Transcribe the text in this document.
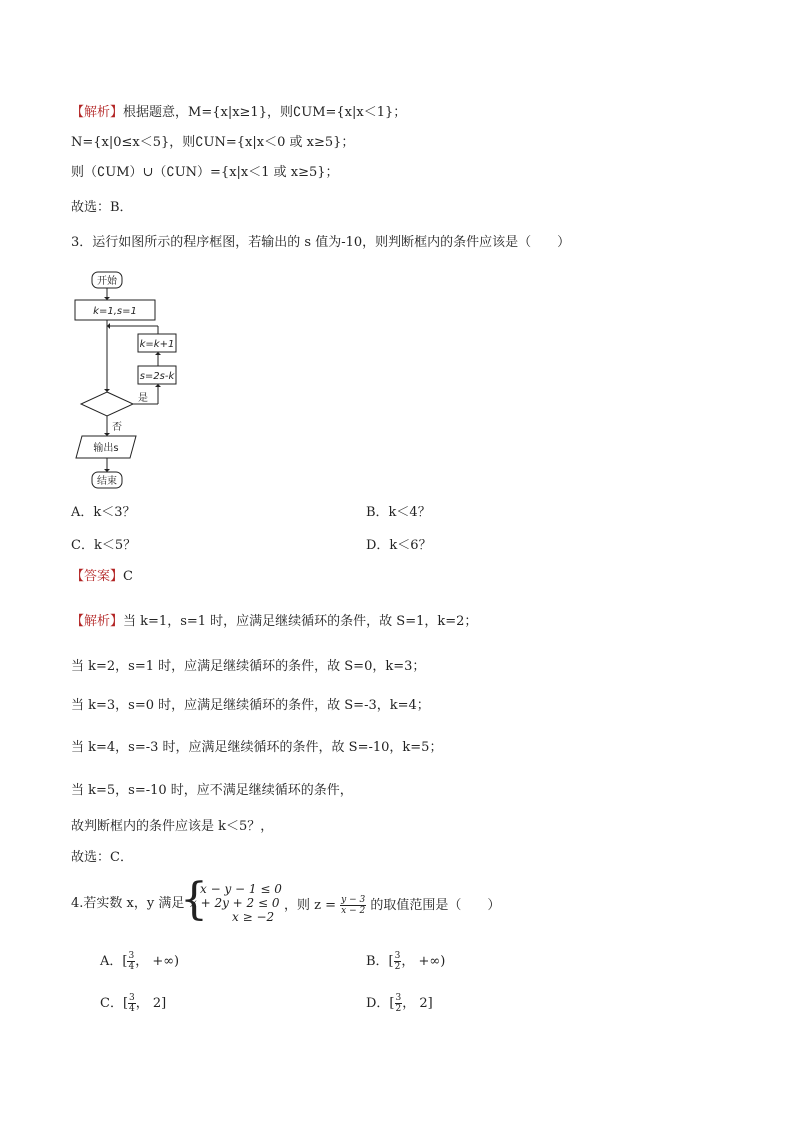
【解析】根据题意，M={x|x≥1}，则∁UM={x|x＜1}；
N={x|0≤x＜5}，则∁UN={x|x＜0 或 x≥5}；
则（∁UM）∪（∁UN）={x|x＜1 或 x≥5}；
故选：B．
3．运行如图所示的程序框图，若输出的 s 值为-10，则判断框内的条件应该是（　　）
开始
k=1,s=1
k=k+1
s=2s-k
是
否
输出s
结束
A．k＜3？	B．k＜4？
C．k＜5？	D．k＜6？
【答案】C
【解析】当 k=1，s=1 时，应满足继续循环的条件，故 S=1，k=2；
当 k=2，s=1 时，应满足继续循环的条件，故 S=0，k=3；
当 k=3，s=0 时，应满足继续循环的条件，故 S=-3，k=4；
当 k=4，s=-3 时，应满足继续循环的条件，故 S=-10，k=5；
当 k=5，s=-10 时，应不满足继续循环的条件，
故判断框内的条件应该是 k＜5？，
故选：C．
4.若实数 x，y 满足
{
x − y − 1 ≤ 0
x + 2y + 2 ≤ 0
x ≥ −2
，则 $z = \frac{y - 3}{x - 2}$ 的取值范围是（　　）
A．[ $\frac{3}{4}$ ， +∞)	B．[ $\frac{3}{2}$ ， +∞)
C．[ $\frac{3}{4}$ ， 2]	D．[ $\frac{3}{2}$ ， 2]
